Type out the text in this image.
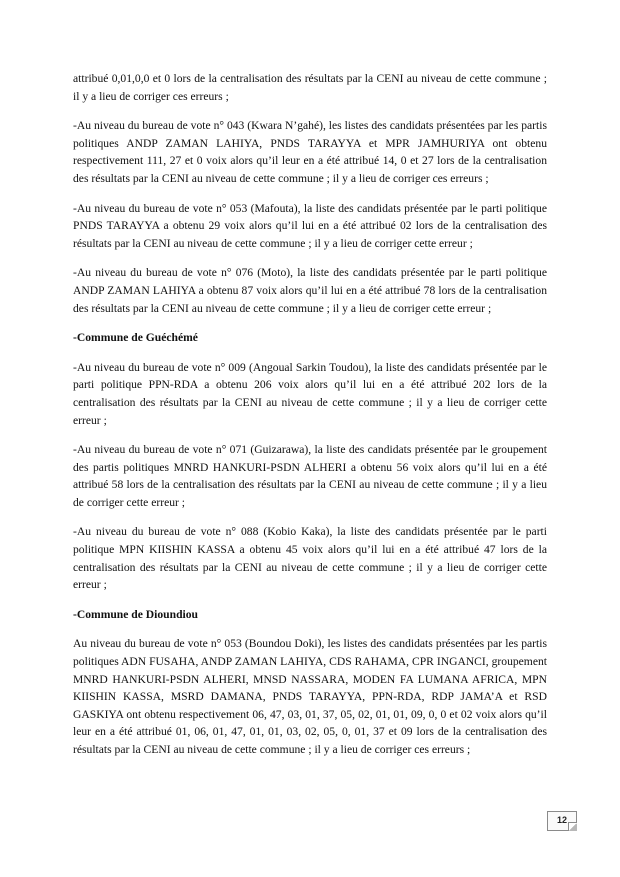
attribué 0,01,0,0 et 0 lors de la centralisation des résultats par la CENI au niveau de cette commune ; il y a lieu de corriger ces erreurs ;

-Au niveau du bureau de vote n° 043 (Kwara N’gahé), les listes des candidats présentées par les partis politiques ANDP ZAMAN LAHIYA, PNDS TARAYYA et MPR JAMHURIYA ont obtenu respectivement 111, 27 et 0 voix alors qu’il leur en a été attribué 14, 0 et 27 lors de la centralisation des résultats par la CENI au niveau de cette commune ; il y a lieu de corriger ces erreurs ;

-Au niveau du bureau de vote n° 053 (Mafouta), la liste des candidats présentée par le parti politique PNDS TARAYYA a obtenu 29 voix alors qu’il lui en a été attribué 02 lors de la centralisation des résultats par la CENI au niveau de cette commune ; il y a lieu de corriger cette erreur ;

-Au niveau du bureau de vote n° 076 (Moto), la liste des candidats présentée par le parti politique ANDP ZAMAN LAHIYA a obtenu 87 voix alors qu’il lui en a été attribué 78 lors de la centralisation des résultats par la CENI au niveau de cette commune ; il y a lieu de corriger cette erreur ;

-Commune de Guéchémé

-Au niveau du bureau de vote n° 009 (Angoual Sarkin Toudou), la liste des candidats présentée par le parti politique PPN-RDA a obtenu 206 voix alors qu’il lui en a été attribué 202 lors de la centralisation des résultats par la CENI au niveau de cette commune ; il y a lieu de corriger cette erreur ;

-Au niveau du bureau de vote n° 071 (Guizarawa), la liste des candidats présentée par le groupement des partis politiques MNRD HANKURI-PSDN ALHERI a obtenu 56 voix alors qu’il lui en a été attribué 58 lors de la centralisation des résultats par la CENI au niveau de cette commune ; il y a lieu de corriger cette erreur ;

-Au niveau du bureau de vote n° 088 (Kobio Kaka), la liste des candidats présentée par le parti politique MPN KIISHIN KASSA a obtenu 45 voix alors qu’il lui en a été attribué 47 lors de la centralisation des résultats par la CENI au niveau de cette commune ; il y a lieu de corriger cette erreur ;

-Commune de Dioundiou

Au niveau du bureau de vote n° 053 (Boundou Doki), les listes des candidats présentées par les partis politiques ADN FUSAHA, ANDP ZAMAN LAHIYA, CDS RAHAMA, CPR INGANCI, groupement MNRD HANKURI-PSDN ALHERI, MNSD NASSARA, MODEN FA LUMANA AFRICA, MPN KIISHIN KASSA, MSRD DAMANA, PNDS TARAYYA, PPN-RDA, RDP JAMA’A et RSD GASKIYA ont obtenu respectivement 06, 47, 03, 01, 37, 05, 02, 01, 01, 09, 0, 0 et 02 voix alors qu’il leur en a été attribué 01, 06, 01, 47, 01, 01, 03, 02, 05, 0, 01, 37 et 09 lors de la centralisation des résultats par la CENI au niveau de cette commune ; il y a lieu de corriger ces erreurs ;

12
